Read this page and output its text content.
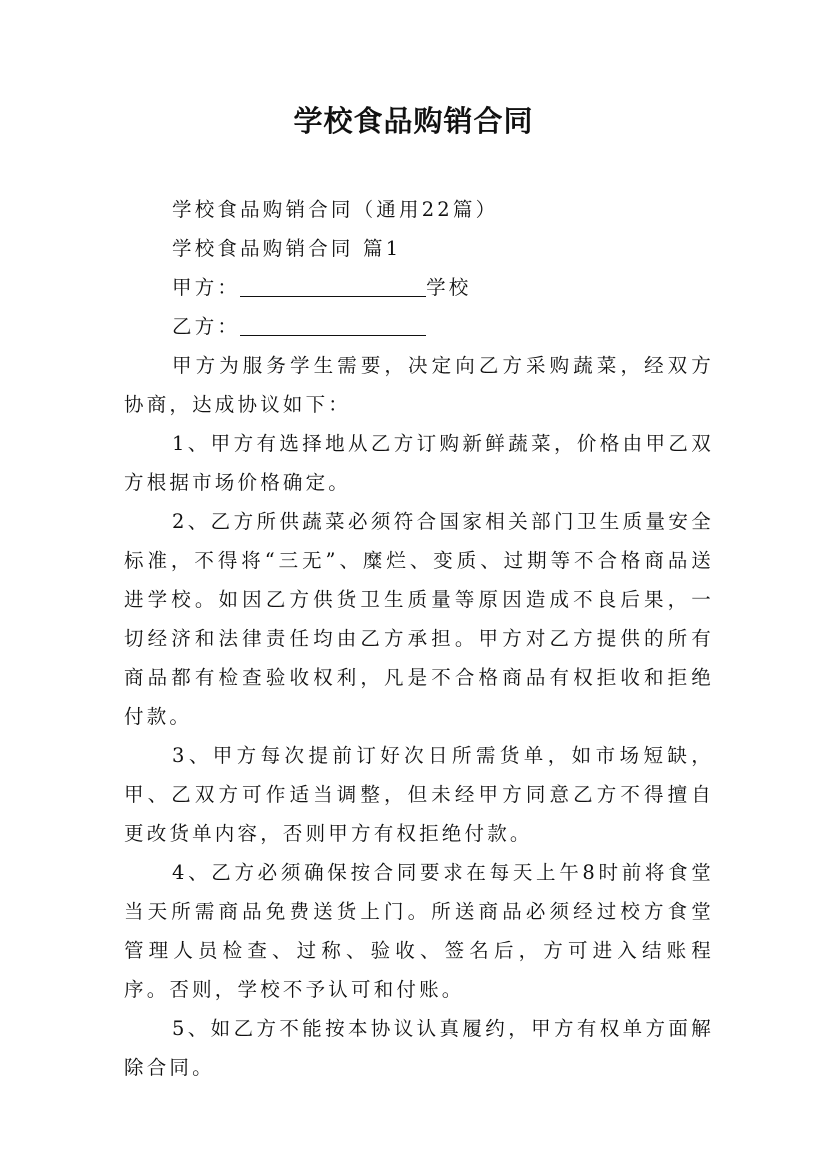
学校食品购销合同

学校食品购销合同（通用22篇）

学校食品购销合同 篇1

甲方：	学校

乙方：

甲方为服务学生需要，决定向乙方采购蔬菜，经双方协商，达成协议如下：

1、甲方有选择地从乙方订购新鲜蔬菜，价格由甲乙双方根据市场价格确定。

2、乙方所供蔬菜必须符合国家相关部门卫生质量安全标准，不得将“三无”、糜烂、变质、过期等不合格商品送进学校。如因乙方供货卫生质量等原因造成不良后果，一切经济和法律责任均由乙方承担。甲方对乙方提供的所有商品都有检查验收权利，凡是不合格商品有权拒收和拒绝付款。

3、甲方每次提前订好次日所需货单，如市场短缺，甲、乙双方可作适当调整，但未经甲方同意乙方不得擅自更改货单内容，否则甲方有权拒绝付款。

4、乙方必须确保按合同要求在每天上午8时前将食堂当天所需商品免费送货上门。所送商品必须经过校方食堂管理人员检查、过称、验收、签名后，方可进入结账程序。否则，学校不予认可和付账。

5、如乙方不能按本协议认真履约，甲方有权单方面解除合同。
